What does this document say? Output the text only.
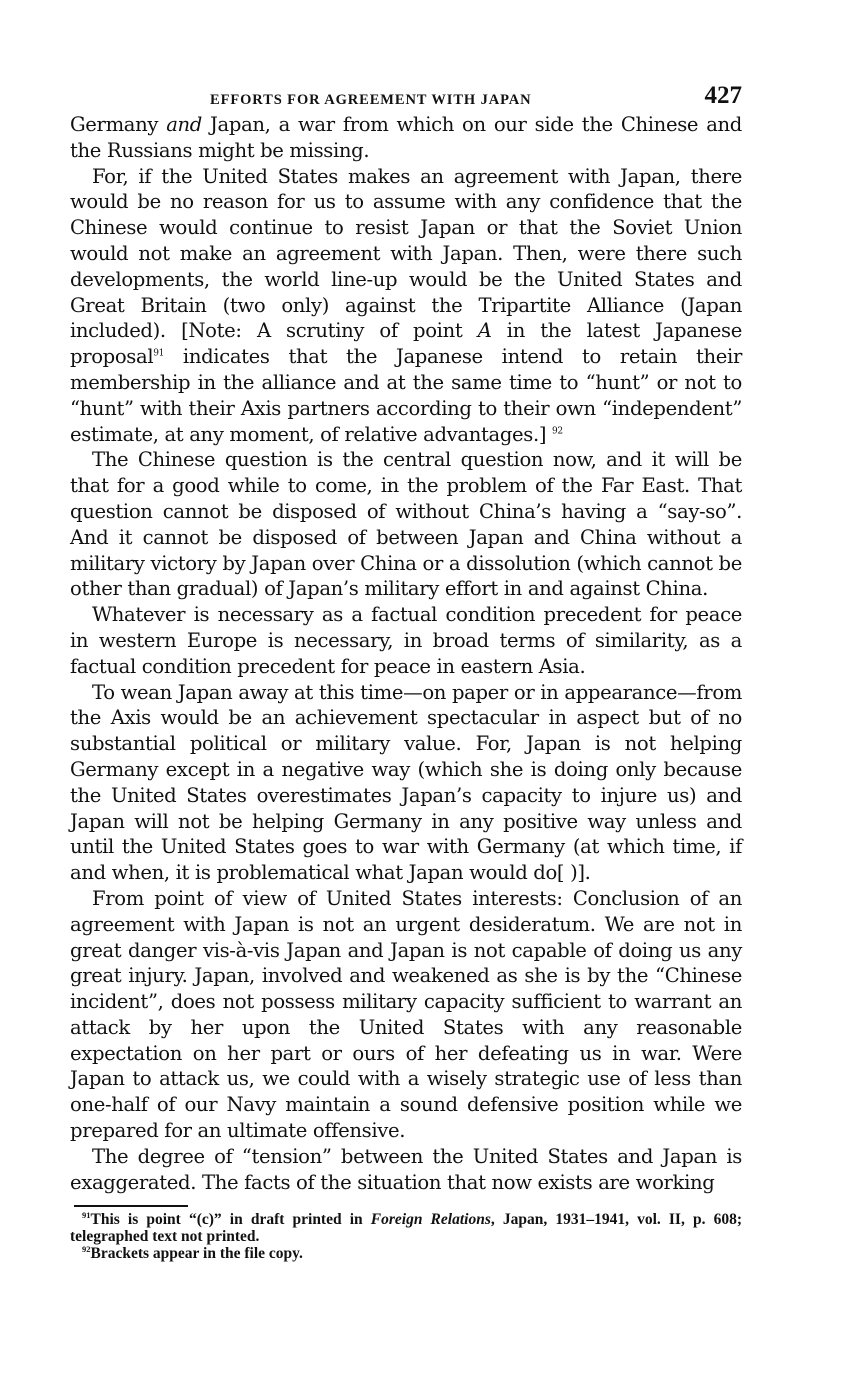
EFFORTS FOR AGREEMENT WITH JAPAN	427

Germany and Japan, a war from which on our side the Chinese and the Russians might be missing.

For, if the United States makes an agreement with Japan, there would be no reason for us to assume with any confidence that the Chinese would continue to resist Japan or that the Soviet Union would not make an agreement with Japan. Then, were there such developments, the world line-up would be the United States and Great Britain (two only) against the Tripartite Alliance (Japan included). [Note: A scrutiny of point A in the latest Japanese proposal$^{91}$ indicates that the Japanese intend to retain their membership in the alliance and at the same time to “hunt” or not to “hunt” with their Axis partners according to their own “independent” estimate, at any moment, of relative advantages.] $^{92}$

The Chinese question is the central question now, and it will be that for a good while to come, in the problem of the Far East. That question cannot be disposed of without China’s having a “say-so”. And it cannot be disposed of between Japan and China without a military victory by Japan over China or a dissolution (which cannot be other than gradual) of Japan’s military effort in and against China.

Whatever is necessary as a factual condition precedent for peace in western Europe is necessary, in broad terms of similarity, as a factual condition precedent for peace in eastern Asia.

To wean Japan away at this time—on paper or in appearance—from the Axis would be an achievement spectacular in aspect but of no substantial political or military value. For, Japan is not helping Germany except in a negative way (which she is doing only because the United States overestimates Japan’s capacity to injure us) and Japan will not be helping Germany in any positive way unless and until the United States goes to war with Germany (at which time, if and when, it is problematical what Japan would do[ )].

From point of view of United States interests: Conclusion of an agreement with Japan is not an urgent desideratum. We are not in great danger vis-à-vis Japan and Japan is not capable of doing us any great injury. Japan, involved and weakened as she is by the “Chinese incident”, does not possess military capacity sufficient to warrant an attack by her upon the United States with any reasonable expectation on her part or ours of her defeating us in war. Were Japan to attack us, we could with a wisely strategic use of less than one-half of our Navy maintain a sound defensive position while we prepared for an ultimate offensive.

The degree of “tension” between the United States and Japan is exaggerated. The facts of the situation that now exists are working

$^{91}$This is point “(c)” in draft printed in Foreign Relations, Japan, 1931–1941, vol. II, p. 608; telegraphed text not printed.

$^{92}$Brackets appear in the file copy.
